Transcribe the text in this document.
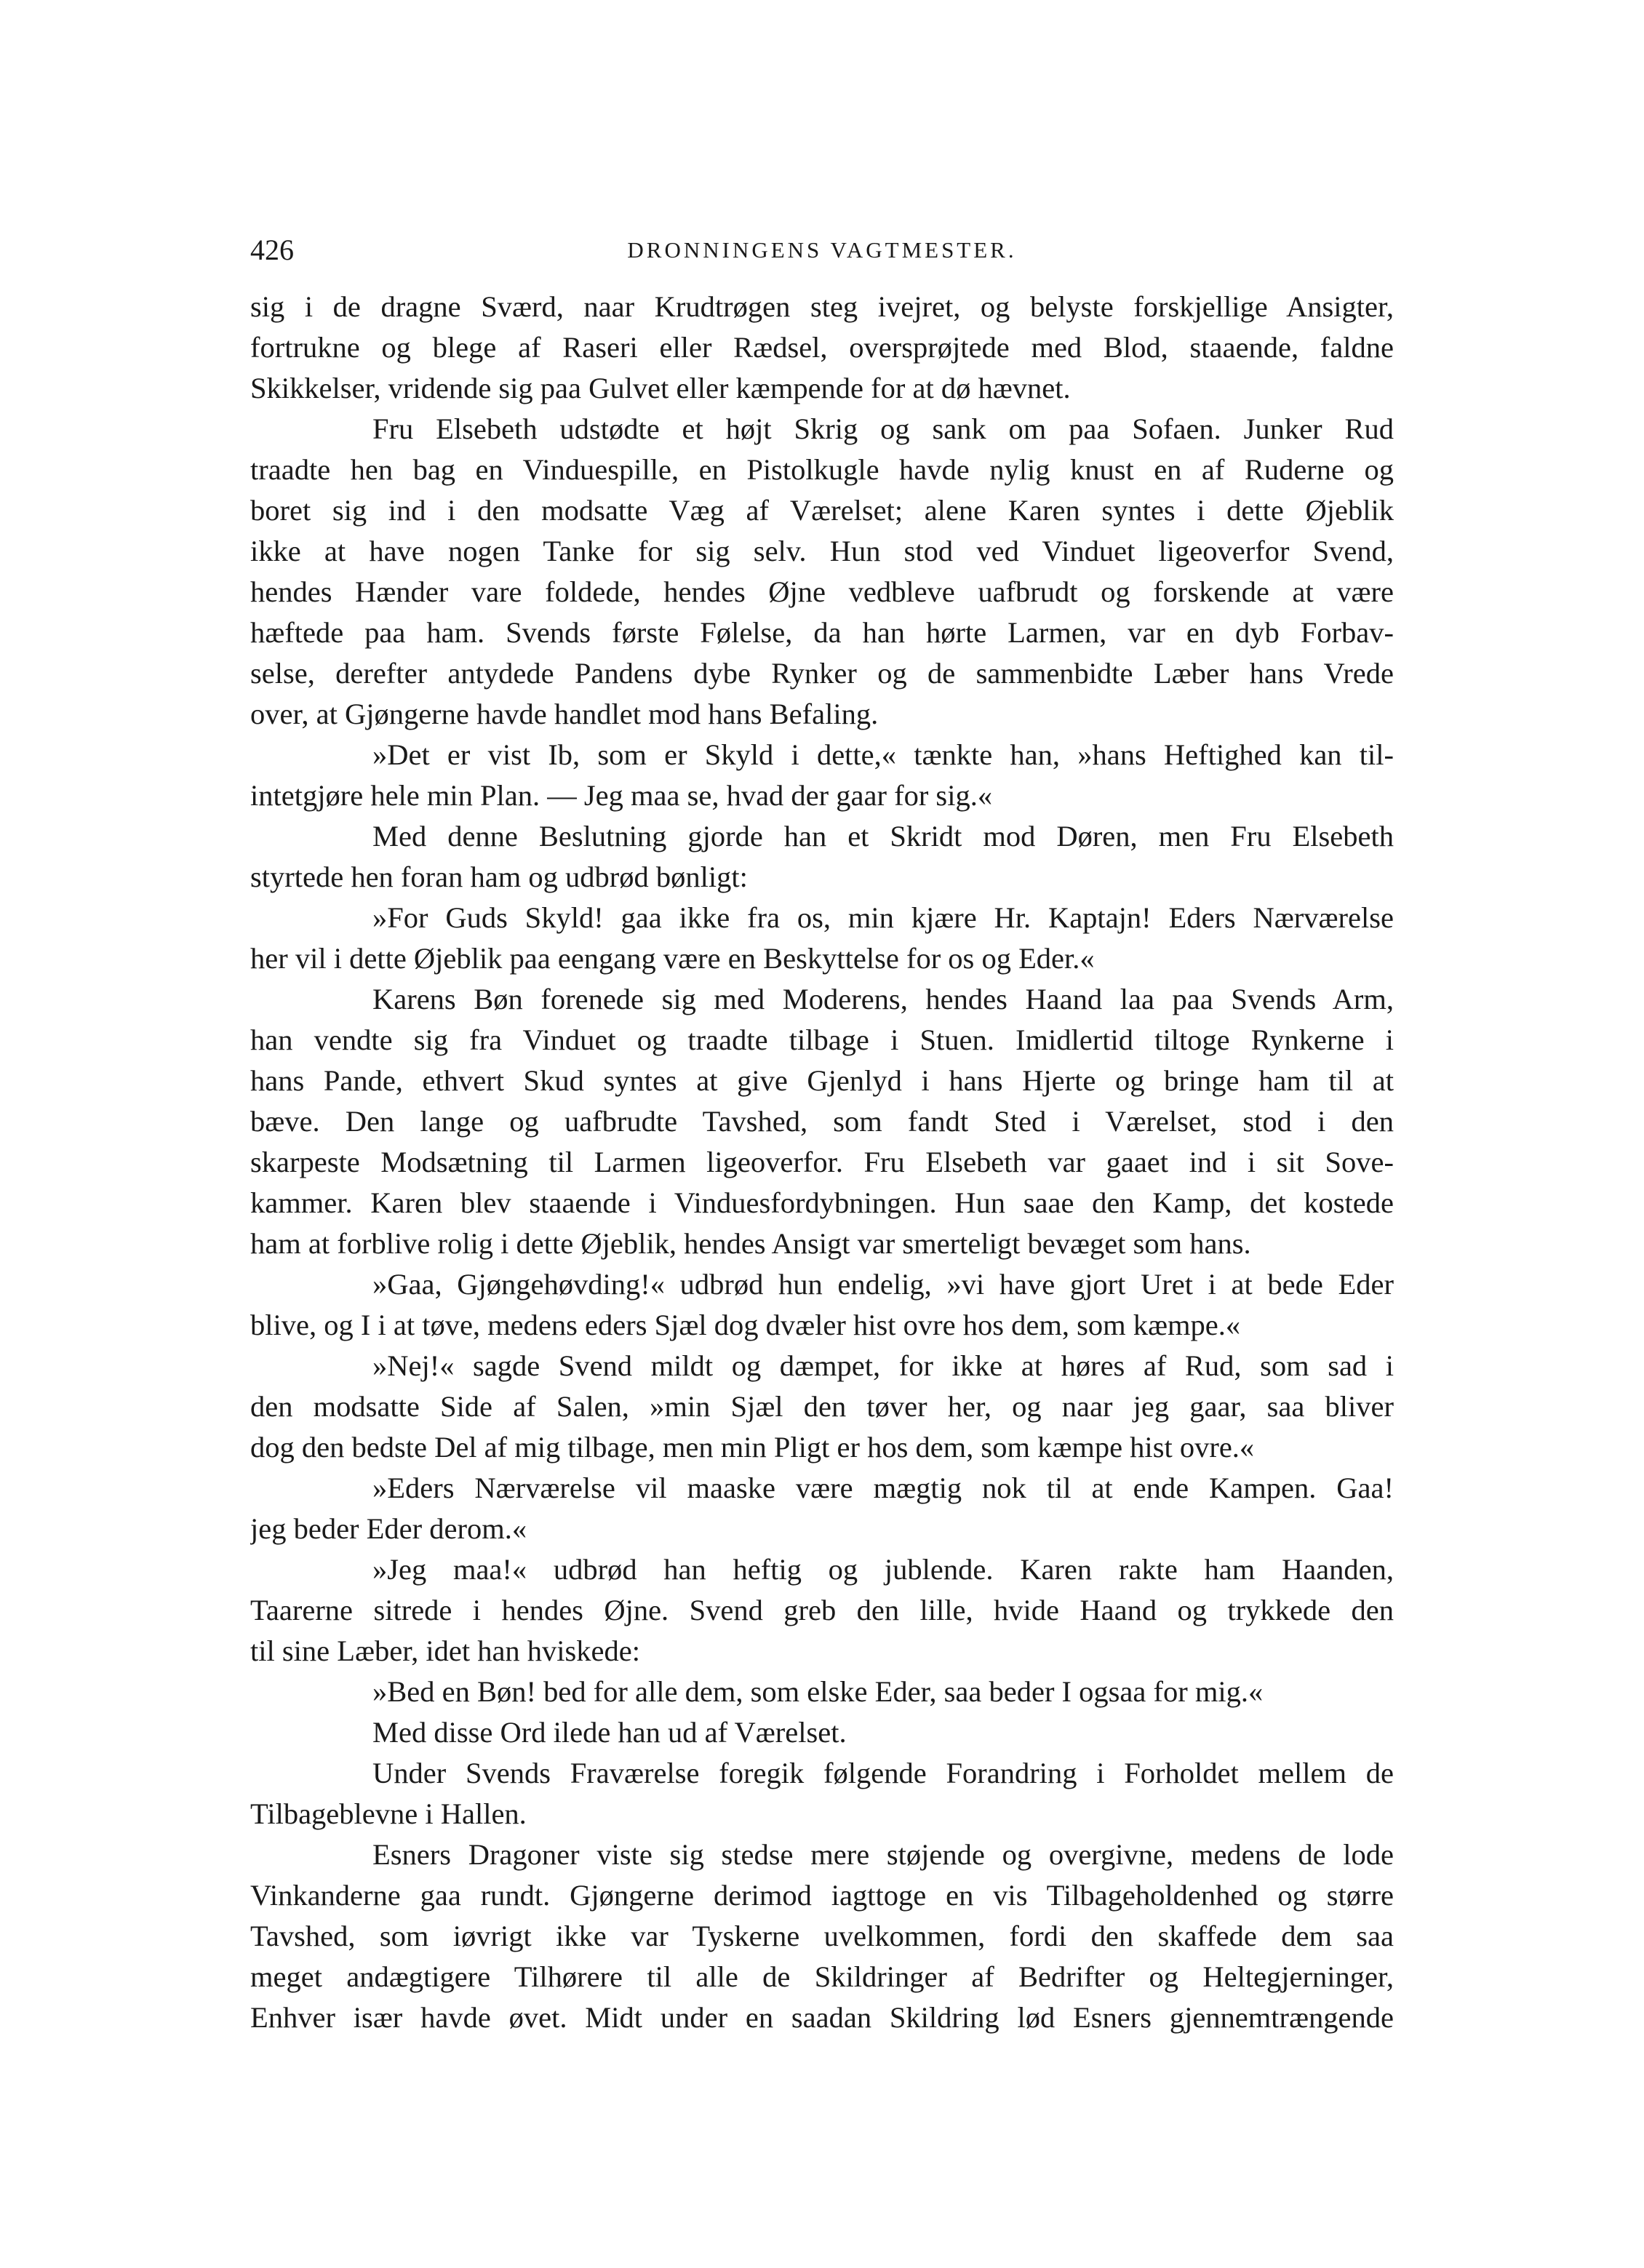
426	DRONNINGENS VAGTMESTER.
sig i de dragne Sværd, naar Krudtrøgen steg ivejret, og belyste forskjellige Ansigter,
fortrukne og blege af Raseri eller Rædsel, oversprøjtede med Blod, staaende, faldne
Skikkelser, vridende sig paa Gulvet eller kæmpende for at dø hævnet.
Fru Elsebeth udstødte et højt Skrig og sank om paa Sofaen. Junker Rud
traadte hen bag en Vinduespille, en Pistolkugle havde nylig knust en af Ruderne og
boret sig ind i den modsatte Væg af Værelset; alene Karen syntes i dette Øjeblik
ikke at have nogen Tanke for sig selv. Hun stod ved Vinduet ligeoverfor Svend,
hendes Hænder vare foldede, hendes Øjne vedbleve uafbrudt og forskende at være
hæftede paa ham. Svends første Følelse, da han hørte Larmen, var en dyb Forbav-
selse, derefter antydede Pandens dybe Rynker og de sammenbidte Læber hans Vrede
over, at Gjøngerne havde handlet mod hans Befaling.
»Det er vist Ib, som er Skyld i dette,« tænkte han, »hans Heftighed kan til-
intetgjøre hele min Plan. — Jeg maa se, hvad der gaar for sig.«
Med denne Beslutning gjorde han et Skridt mod Døren, men Fru Elsebeth
styrtede hen foran ham og udbrød bønligt:
»For Guds Skyld! gaa ikke fra os, min kjære Hr. Kaptajn! Eders Nærværelse
her vil i dette Øjeblik paa eengang være en Beskyttelse for os og Eder.«
Karens Bøn forenede sig med Moderens, hendes Haand laa paa Svends Arm,
han vendte sig fra Vinduet og traadte tilbage i Stuen. Imidlertid tiltoge Rynkerne i
hans Pande, ethvert Skud syntes at give Gjenlyd i hans Hjerte og bringe ham til at
bæve. Den lange og uafbrudte Tavshed, som fandt Sted i Værelset, stod i den
skarpeste Modsætning til Larmen ligeoverfor. Fru Elsebeth var gaaet ind i sit Sove-
kammer. Karen blev staaende i Vinduesfordybningen. Hun saae den Kamp, det kostede
ham at forblive rolig i dette Øjeblik, hendes Ansigt var smerteligt bevæget som hans.
»Gaa, Gjøngehøvding!« udbrød hun endelig, »vi have gjort Uret i at bede Eder
blive, og I i at tøve, medens eders Sjæl dog dvæler hist ovre hos dem, som kæmpe.«
»Nej!« sagde Svend mildt og dæmpet, for ikke at høres af Rud, som sad i
den modsatte Side af Salen, »min Sjæl den tøver her, og naar jeg gaar, saa bliver
dog den bedste Del af mig tilbage, men min Pligt er hos dem, som kæmpe hist ovre.«
»Eders Nærværelse vil maaske være mægtig nok til at ende Kampen. Gaa!
jeg beder Eder derom.«
»Jeg maa!« udbrød han heftig og jublende. Karen rakte ham Haanden,
Taarerne sitrede i hendes Øjne. Svend greb den lille, hvide Haand og trykkede den
til sine Læber, idet han hviskede:
»Bed en Bøn! bed for alle dem, som elske Eder, saa beder I ogsaa for mig.«
Med disse Ord ilede han ud af Værelset.
Under Svends Fraværelse foregik følgende Forandring i Forholdet mellem de
Tilbageblevne i Hallen.
Esners Dragoner viste sig stedse mere støjende og overgivne, medens de lode
Vinkanderne gaa rundt. Gjøngerne derimod iagttoge en vis Tilbageholdenhed og større
Tavshed, som iøvrigt ikke var Tyskerne uvelkommen, fordi den skaffede dem saa
meget andægtigere Tilhørere til alle de Skildringer af Bedrifter og Heltegjerninger,
Enhver især havde øvet. Midt under en saadan Skildring lød Esners gjennemtrængende
